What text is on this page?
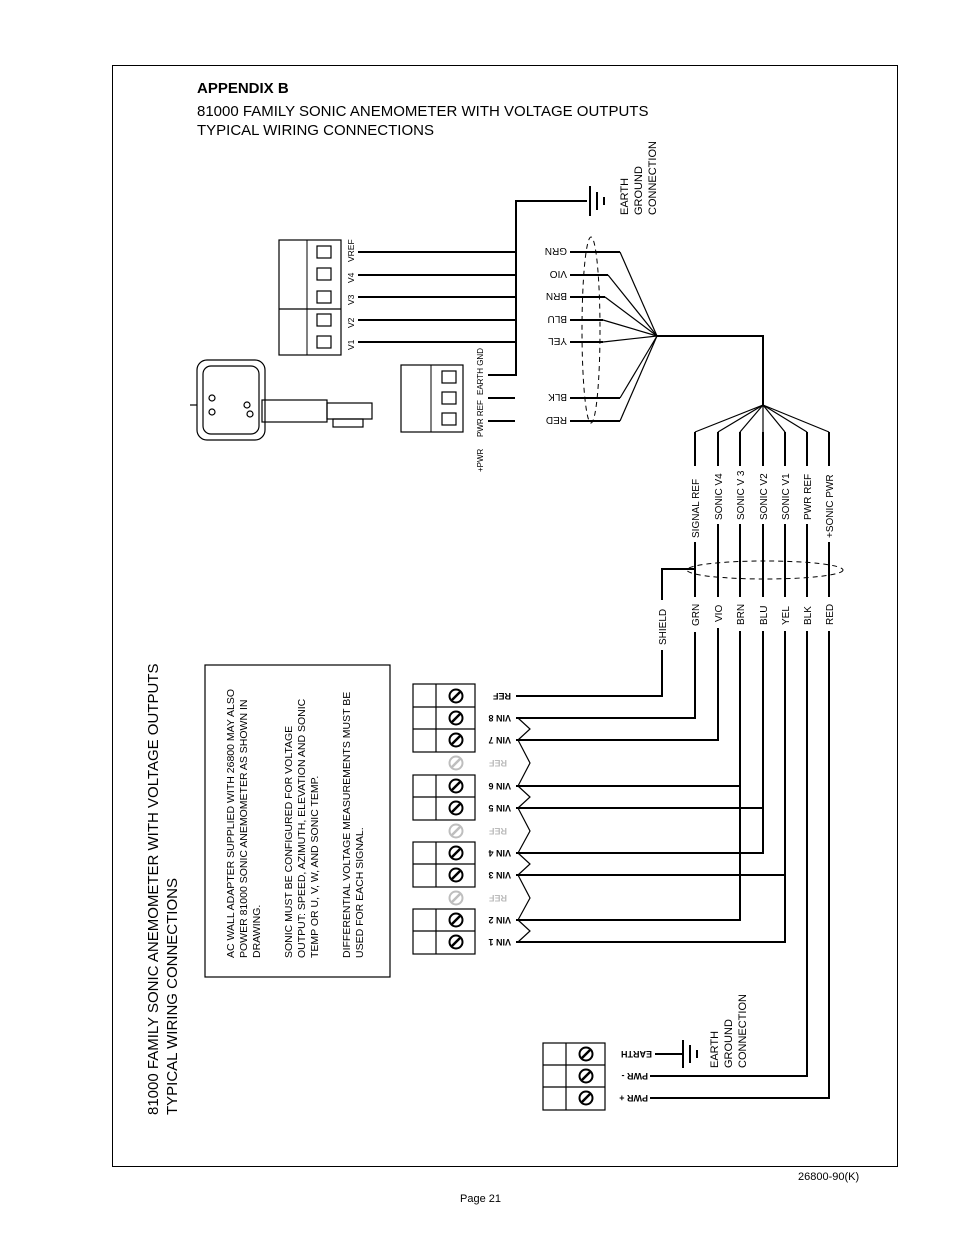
APPENDIX B
81000 FAMILY SONIC ANEMOMETER WITH VOLTAGE OUTPUTS
TYPICAL WIRING CONNECTIONS
81000 FAMILY SONIC ANEMOMETER WITH VOLTAGE OUTPUTS TYPICAL WIRING CONNECTIONS
AC WALL ADAPTER SUPPLIED WITH 26800 MAY ALSO POWER 81000 SONIC ANEMOMETER AS SHOWN IN DRAWING. SONIC MUST BE CONFIGURED FOR VOLTAGE OUTPUT: SPEED, AZIMUTH, ELEVATION AND SONIC TEMP OR U, V, W, AND SONIC TEMP. DIFFERENTIAL VOLTAGE MEASUREMENTS MUST BE USED FOR EACH SIGNAL.
VREF
V4
V3
V2
V1
EARTH GND
PWR REF
+PWR
GRN
VIO
BRN
BLU
YEL
BLK
RED
EARTH GROUND CONNECTION
SIGNAL REF SONIC V4 SONIC V 3 SONIC V2 SONIC V1 PWR REF +SONIC PWR
SHIELD GRN VIO BRN BLU YEL BLK RED
REF
VIN 8
VIN 7
REF
VIN 6
VIN 5
REF
VIN 4
VIN 3
REF
VIN 2
VIN 1
EARTH
PWR -
PWR +
EARTH GROUND CONNECTION
26800-90(K)
Page 21
